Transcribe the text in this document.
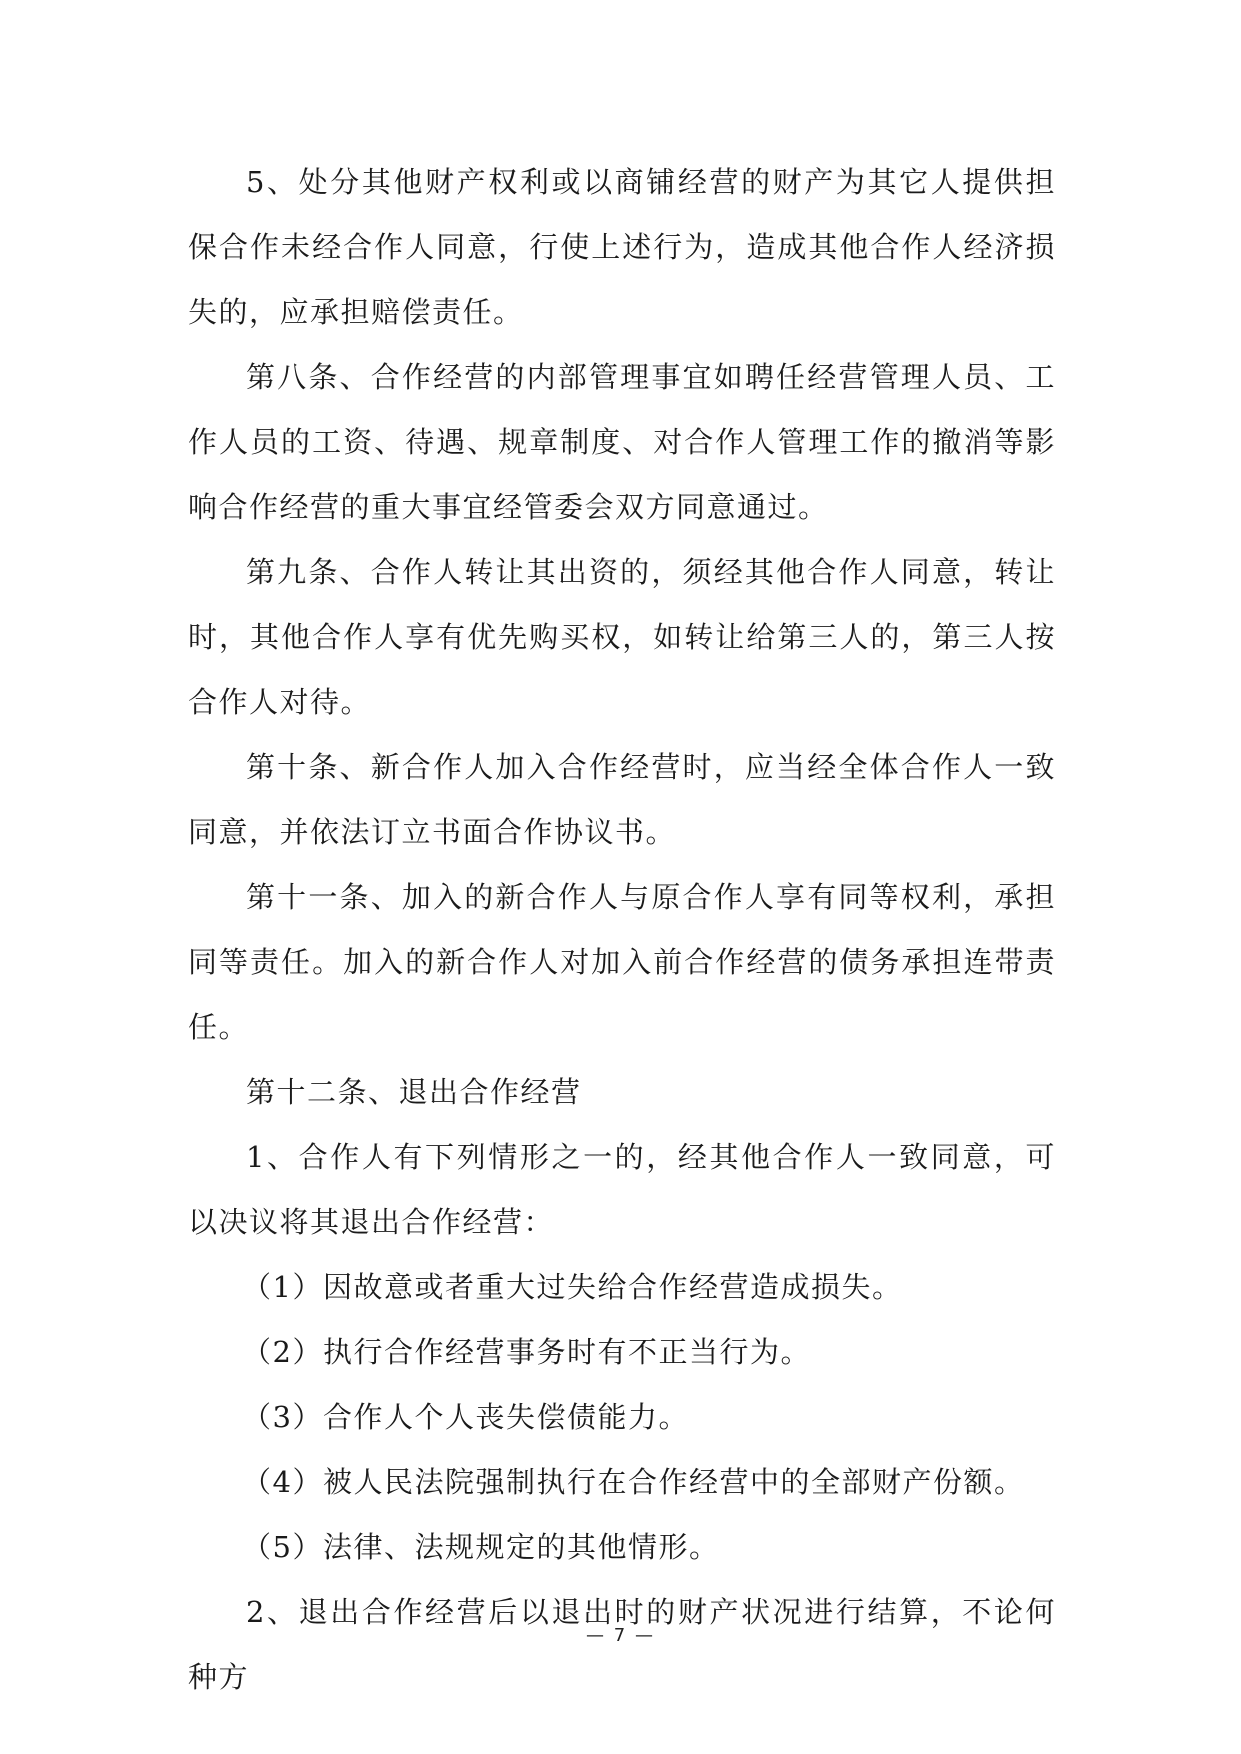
5、处分其他财产权利或以商铺经营的财产为其它人提供担保合作未经合作人同意，行使上述行为，造成其他合作人经济损失的，应承担赔偿责任。

第八条、合作经营的内部管理事宜如聘任经营管理人员、工作人员的工资、待遇、规章制度、对合作人管理工作的撤消等影响合作经营的重大事宜经管委会双方同意通过。

第九条、合作人转让其出资的，须经其他合作人同意，转让时，其他合作人享有优先购买权，如转让给第三人的，第三人按合作人对待。

第十条、新合作人加入合作经营时，应当经全体合作人一致同意，并依法订立书面合作协议书。

第十一条、加入的新合作人与原合作人享有同等权利，承担同等责任。加入的新合作人对加入前合作经营的债务承担连带责任。

第十二条、退出合作经营

1、合作人有下列情形之一的，经其他合作人一致同意，可以决议将其退出合作经营：

（1）因故意或者重大过失给合作经营造成损失。

（2）执行合作经营事务时有不正当行为。

（3）合作人个人丧失偿债能力。

（4）被人民法院强制执行在合作经营中的全部财产份额。

（5）法律、法规规定的其他情形。

2、退出合作经营后以退出时的财产状况进行结算，不论何种方

— 7 —
